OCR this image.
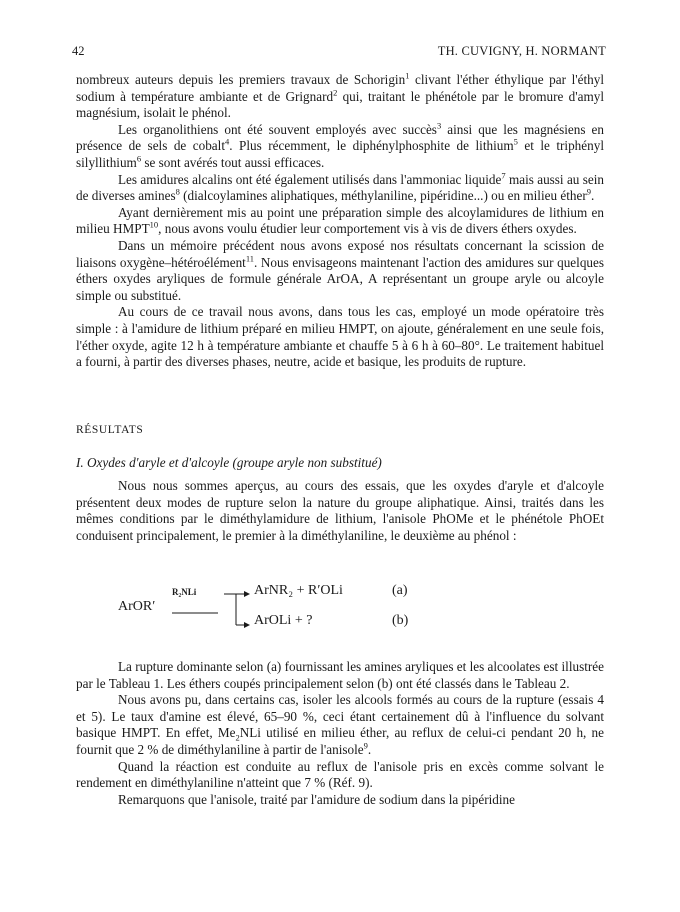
42	TH. CUVIGNY, H. NORMANT

nombreux auteurs depuis les premiers travaux de Schorigin$^1$ clivant l'éther éthylique par l'éthyl sodium à température ambiante et de Grignard$^2$ qui, traitant le phénétole par le bromure d'amyl magnésium, isolait le phénol.

Les organolithiens ont été souvent employés avec succès$^3$ ainsi que les magnésiens en présence de sels de cobalt$^4$. Plus récemment, le diphénylphosphite de lithium$^5$ et le triphényl silyllithium$^6$ se sont avérés tout aussi efficaces.

Les amidures alcalins ont été également utilisés dans l'ammoniac liquide$^7$ mais aussi au sein de diverses amines$^8$ (dialcoylamines aliphatiques, méthylaniline, pipéridine...) ou en milieu éther$^9$.

Ayant dernièrement mis au point une préparation simple des alcoylamidures de lithium en milieu HMPT$^{10}$, nous avons voulu étudier leur comportement vis à vis de divers éthers oxydes.

Dans un mémoire précédent nous avons exposé nos résultats concernant la scission de liaisons oxygène–hétéroélément$^{11}$. Nous envisageons maintenant l'action des amidures sur quelques éthers oxydes aryliques de formule générale ArOA, A représentant un groupe aryle ou alcoyle simple ou substitué.

Au cours de ce travail nous avons, dans tous les cas, employé un mode opératoire très simple : à l'amidure de lithium préparé en milieu HMPT, on ajoute, généralement en une seule fois, l'éther oxyde, agite 12 h à température ambiante et chauffe 5 à 6 h à 60–80°. Le traitement habituel a fourni, à partir des diverses phases, neutre, acide et basique, les produits de rupture.

RÉSULTATS
I. Oxydes d'aryle et d'alcoyle (groupe aryle non substitué)

Nous nous sommes aperçus, au cours des essais, que les oxydes d'aryle et d'alcoyle présentent deux modes de rupture selon la nature du groupe aliphatique. Ainsi, traités dans les mêmes conditions par le diméthylamidure de lithium, l'anisole PhOMe et le phénétole PhOEt conduisent principalement, le premier à la diméthylaniline, le deuxième au phénol :

ArOR′
R₂NLi	ArNR₂ + R′OLi	(a)
ArOLi + ?	(b)

La rupture dominante selon (a) fournissant les amines aryliques et les alcoolates est illustrée par le Tableau 1. Les éthers coupés principalement selon (b) ont été classés dans le Tableau 2.

Nous avons pu, dans certains cas, isoler les alcools formés au cours de la rupture (essais 4 et 5). Le taux d'amine est élevé, 65–90 %, ceci étant certainement dû à l'influence du solvant basique HMPT. En effet, $Me_2NLi$ utilisé en milieu éther, au reflux de celui-ci pendant 20 h, ne fournit que 2 % de diméthylaniline à partir de l'anisole$^9$.

Quand la réaction est conduite au reflux de l'anisole pris en excès comme solvant le rendement en diméthylaniline n'atteint que 7 % (Réf. 9).

Remarquons que l'anisole, traité par l'amidure de sodium dans la pipéridine
